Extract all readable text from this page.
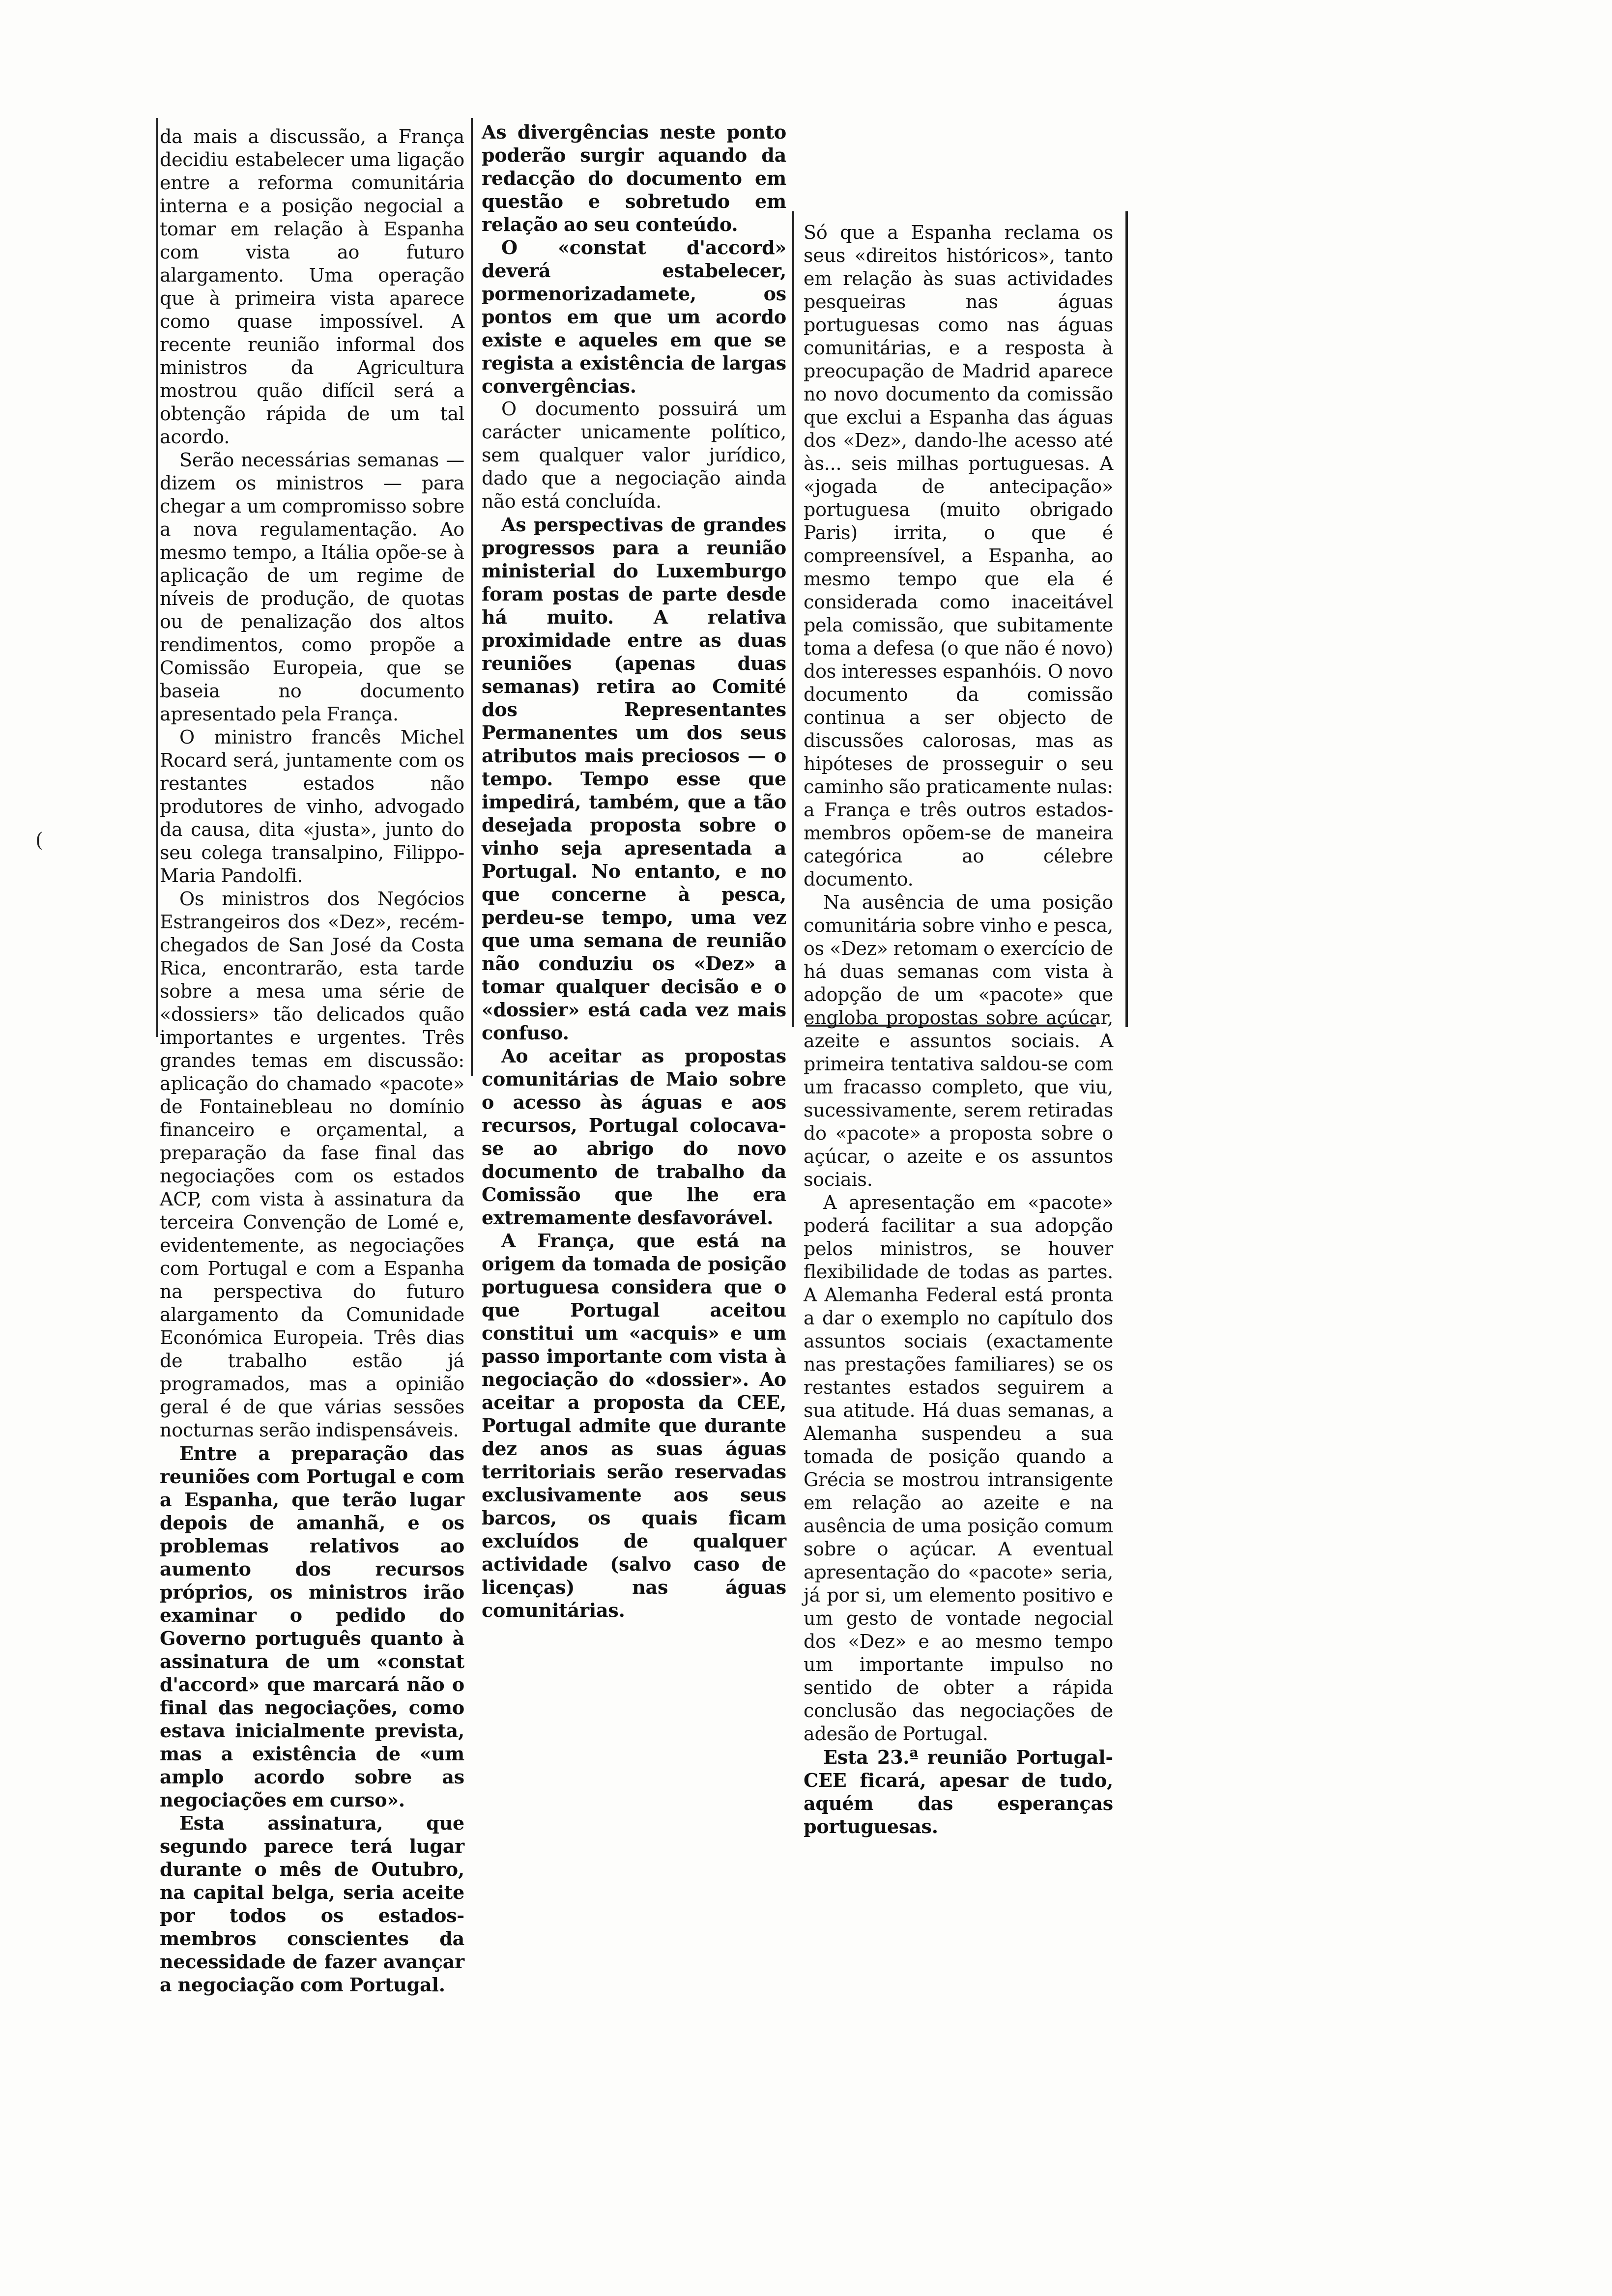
(

da mais a discussão, a França decidiu estabelecer uma ligação entre a reforma comunitária interna e a posição negocial a tomar em relação à Espanha com vista ao futuro alargamento. Uma operação que à primeira vista aparece como quase impossível. A recente reunião informal dos ministros da Agricultura mostrou quão difícil será a obtenção rápida de um tal acordo.

Serão necessárias semanas — dizem os ministros — para chegar a um compromisso sobre a nova regulamentação. Ao mesmo tempo, a Itália opõe-se à aplicação de um regime de níveis de produção, de quotas ou de penalização dos altos rendimentos, como propõe a Comissão Europeia, que se baseia no documento apresentado pela França.

O ministro francês Michel Rocard será, juntamente com os restantes estados não produtores de vinho, advogado da causa, dita «justa», junto do seu colega transalpino, Filippo-Maria Pandolfi.

Os ministros dos Negócios Estrangeiros dos «Dez», recém-chegados de San José da Costa Rica, encontrarão, esta tarde sobre a mesa uma série de «dossiers» tão delicados quão importantes e urgentes. Três grandes temas em discussão: aplicação do chamado «pacote» de Fontainebleau no domínio financeiro e orçamental, a preparação da fase final das negociações com os estados ACP, com vista à assinatura da terceira Convenção de Lomé e, evidentemente, as negociações com Portugal e com a Espanha na perspectiva do futuro alargamento da Comunidade Económica Europeia. Três dias de trabalho estão já programados, mas a opinião geral é de que várias sessões nocturnas serão indispensáveis.

Entre a preparação das reuniões com Portugal e com a Espanha, que terão lugar depois de amanhã, e os problemas relativos ao aumento dos recursos próprios, os ministros irão examinar o pedido do Governo português quanto à assinatura de um «constat d'accord» que marcará não o final das negociações, como estava inicialmente prevista, mas a existência de «um amplo acordo sobre as negociações em curso».

Esta assinatura, que segundo parece terá lugar durante o mês de Outubro, na capital belga, seria aceite por todos os estados-membros conscientes da necessidade de fazer avançar a negociação com Portugal.

As divergências neste ponto poderão surgir aquando da redacção do documento em questão e sobretudo em relação ao seu conteúdo.

O «constat d'accord» deverá estabelecer, pormenorizadamete, os pontos em que um acordo existe e aqueles em que se regista a existência de largas convergências.

O documento possuirá um carácter unicamente político, sem qualquer valor jurídico, dado que a negociação ainda não está concluída.

As perspectivas de grandes progressos para a reunião ministerial do Luxemburgo foram postas de parte desde há muito. A relativa proximidade entre as duas reuniões (apenas duas semanas) retira ao Comité dos Representantes Permanentes um dos seus atributos mais preciosos — o tempo. Tempo esse que impedirá, também, que a tão desejada proposta sobre o vinho seja apresentada a Portugal. No entanto, e no que concerne à pesca, perdeu-se tempo, uma vez que uma semana de reunião não conduziu os «Dez» a tomar qualquer decisão e o «dossier» está cada vez mais confuso.

Ao aceitar as propostas comunitárias de Maio sobre o acesso às águas e aos recursos, Portugal colocava-se ao abrigo do novo documento de trabalho da Comissão que lhe era extremamente desfavorável.

A França, que está na origem da tomada de posição portuguesa considera que o que Portugal aceitou constitui um «acquis» e um passo importante com vista à negociação do «dossier». Ao aceitar a proposta da CEE, Portugal admite que durante dez anos as suas águas territoriais serão reservadas exclusivamente aos seus barcos, os quais ficam excluídos de qualquer actividade (salvo caso de licenças) nas águas comunitárias.

Só que a Espanha reclama os seus «direitos históricos», tanto em relação às suas actividades pesqueiras nas águas portuguesas como nas águas comunitárias, e a resposta à preocupação de Madrid aparece no novo documento da comissão que exclui a Espanha das águas dos «Dez», dando-lhe acesso até às... seis milhas portuguesas. A «jogada de antecipação» portuguesa (muito obrigado Paris) irrita, o que é compreensível, a Espanha, ao mesmo tempo que ela é considerada como inaceitável pela comissão, que subitamente toma a defesa (o que não é novo) dos interesses espanhóis. O novo documento da comissão continua a ser objecto de discussões calorosas, mas as hipóteses de prosseguir o seu caminho são praticamente nulas: a França e três outros estados-membros opõem-se de maneira categórica ao célebre documento.

Na ausência de uma posição comunitária sobre vinho e pesca, os «Dez» retomam o exercício de há duas semanas com vista à adopção de um «pacote» que engloba propostas sobre açúcar, azeite e assuntos sociais. A primeira tentativa saldou-se com um fracasso completo, que viu, sucessivamente, serem retiradas do «pacote» a proposta sobre o açúcar, o azeite e os assuntos sociais.

A apresentação em «pacote» poderá facilitar a sua adopção pelos ministros, se houver flexibilidade de todas as partes. A Alemanha Federal está pronta a dar o exemplo no capítulo dos assuntos sociais (exactamente nas prestações familiares) se os restantes estados seguirem a sua atitude. Há duas semanas, a Alemanha suspendeu a sua tomada de posição quando a Grécia se mostrou intransigente em relação ao azeite e na ausência de uma posição comum sobre o açúcar. A eventual apresentação do «pacote» seria, já por si, um elemento positivo e um gesto de vontade negocial dos «Dez» e ao mesmo tempo um importante impulso no sentido de obter a rápida conclusão das negociações de adesão de Portugal.

Esta 23.ª reunião Portugal-CEE ficará, apesar de tudo, aquém das esperanças portuguesas.
